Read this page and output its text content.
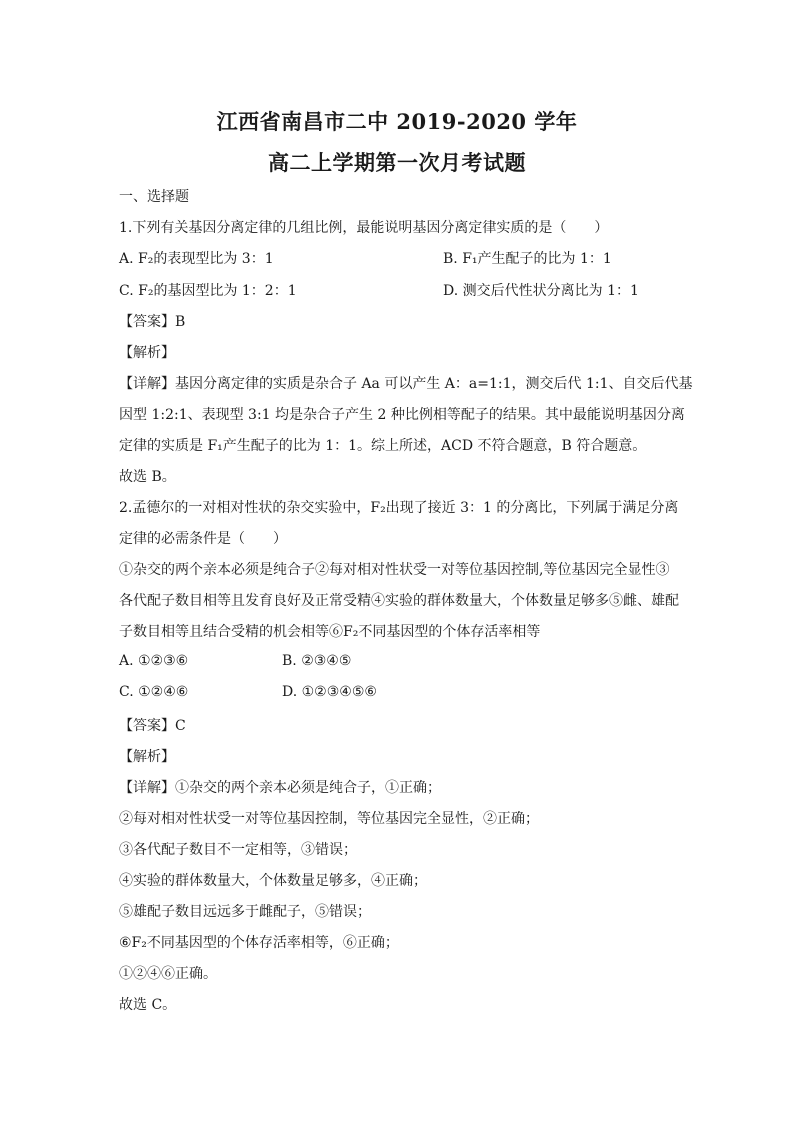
江西省南昌市二中 2019-2020 学年
高二上学期第一次月考试题
一、选择题
1.下列有关基因分离定律的几组比例，最能说明基因分离定律实质的是（　　）
A. F₂的表现型比为 3：1	B. F₁产生配子的比为 1：1
C. F₂的基因型比为 1：2：1	D. 测交后代性状分离比为 1：1
【答案】B
【解析】
【详解】基因分离定律的实质是杂合子 Aa 可以产生 A：a=1:1，测交后代 1:1、自交后代基
因型 1:2:1、表现型 3:1 均是杂合子产生 2 种比例相等配子的结果。其中最能说明基因分离
定律的实质是 F₁产生配子的比为 1：1。综上所述，ACD 不符合题意，B 符合题意。
故选 B。
2.孟德尔的一对相对性状的杂交实验中，F₂出现了接近 3：1 的分离比，下列属于满足分离
定律的必需条件是（　　）
①杂交的两个亲本必须是纯合子②每对相对性状受一对等位基因控制,等位基因完全显性③
各代配子数目相等且发育良好及正常受精④实验的群体数量大，个体数量足够多⑤雌、雄配
子数目相等且结合受精的机会相等⑥F₂不同基因型的个体存活率相等
A. ①②③⑥	B. ②③④⑤
C. ①②④⑥	D. ①②③④⑤⑥
【答案】C
【解析】
【详解】①杂交的两个亲本必须是纯合子，①正确；
②每对相对性状受一对等位基因控制，等位基因完全显性，②正确；
③各代配子数目不一定相等，③错误；
④实验的群体数量大，个体数量足够多，④正确；
⑤雄配子数目远远多于雌配子，⑤错误；
⑥F₂不同基因型的个体存活率相等，⑥正确；
①②④⑥正确。
故选 C。
